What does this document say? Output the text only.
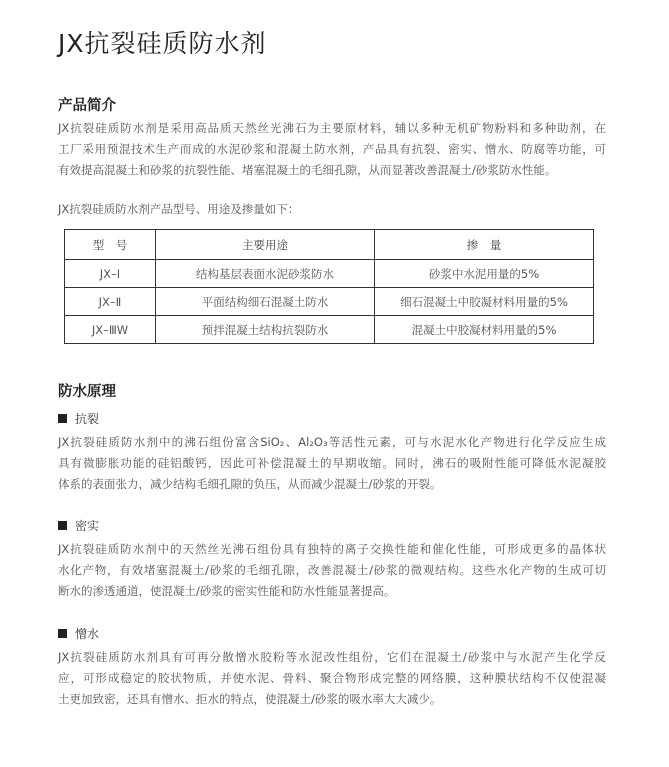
JX抗裂硅质防水剂
产品简介
JX抗裂硅质防水剂是采用高品质天然丝光沸石为主要原材料，辅以多种无机矿物粉料和多种助剂，在
工厂采用预混技术生产而成的水泥砂浆和混凝土防水剂，产品具有抗裂、密实、憎水、防腐等功能，可
有效提高混凝土和砂浆的抗裂性能、堵塞混凝土的毛细孔隙，从而显著改善混凝土/砂浆防水性能。

JX抗裂硅质防水剂产品型号、用途及掺量如下：

型　号	主要用途	掺　量
JX–Ⅰ	结构基层表面水泥砂浆防水	砂浆中水泥用量的5%
JX–Ⅱ	平面结构细石混凝土防水	细石混凝土中胶凝材料用量的5%
JX–ⅢW	预拌混凝土结构抗裂防水	混凝土中胶凝材料用量的5%
防水原理
抗裂
JX抗裂硅质防水剂中的沸石组份富含SiO₂、Al₂O₃等活性元素，可与水泥水化产物进行化学反应生成
具有微膨胀功能的硅铝酸钙，因此可补偿混凝土的早期收缩。同时，沸石的吸附性能可降低水泥凝胶
体系的表面张力，减少结构毛细孔隙的负压，从而减少混凝土/砂浆的开裂。
密实
JX抗裂硅质防水剂中的天然丝光沸石组份具有独特的离子交换性能和催化性能，可形成更多的晶体状
水化产物，有效堵塞混凝土/砂浆的毛细孔隙，改善混凝土/砂浆的微观结构。这些水化产物的生成可切
断水的渗透通道，使混凝土/砂浆的密实性能和防水性能显著提高。
憎水
JX抗裂硅质防水剂具有可再分散憎水胶粉等水泥改性组份，它们在混凝土/砂浆中与水泥产生化学反
应，可形成稳定的胶状物质，并使水泥、骨料、聚合物形成完整的网络膜，这种膜状结构不仅使混凝
土更加致密，还具有憎水、拒水的特点，使混凝土/砂浆的吸水率大大减少。
